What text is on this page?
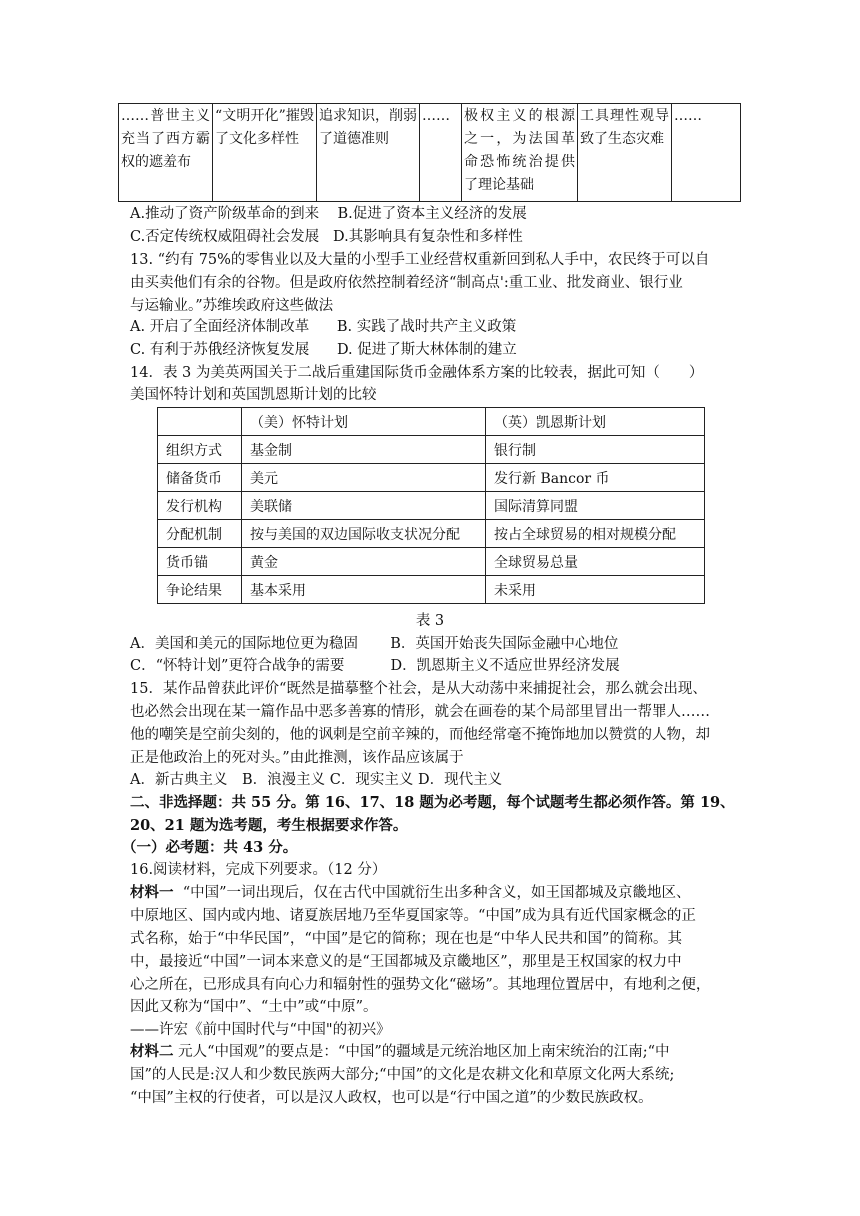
……普世主义充当了西方霸权的遮羞布	“文明开化”摧毁了文化多样性	追求知识，削弱了道德准则	……	极权主义的根源之一，为法国革命恐怖统治提供了理论基础	工具理性观导致了生态灾难	……
A.推动了资产阶级革命的到来 B.促进了资本主义经济的发展
C.否定传统权威阻碍社会发展 D.其影响具有复杂性和多样性
13. “约有 75%的零售业以及大量的小型手工业经营权重新回到私人手中，农民终于可以自
由买卖他们有余的谷物。但是政府依然控制着经济“制高点':重工业、批发商业、银行业
与运输业。”苏维埃政府这些做法
A. 开启了全面经济体制改革 B. 实践了战时共产主义政策
C. 有利于苏俄经济恢复发展 D. 促进了斯大林体制的建立
14．表 3 为美英两国关于二战后重建国际货币金融体系方案的比较表，据此可知（　　）
美国怀特计划和英国凯恩斯计划的比较
	（美）怀特计划	（英）凯恩斯计划
组织方式	基金制	银行制
储备货币	美元	发行新 Bancor 币
发行机构	美联储	国际清算同盟
分配机制	按与美国的双边国际收支状况分配	按占全球贸易的相对规模分配
货币锚	黄金	全球贸易总量
争论结果	基本采用	未采用
表 3
A．美国和美元的国际地位更为稳固 B．英国开始丧失国际金融中心地位
C．“怀特计划”更符合战争的需要	D．凯恩斯主义不适应世界经济发展
15．某作品曾获此评价“既然是描摹整个社会，是从大动荡中来捕捉社会，那么就会出现、
也必然会出现在某一篇作品中恶多善寡的情形，就会在画卷的某个局部里冒出一帮罪人……
他的嘲笑是空前尖刻的，他的讽刺是空前辛辣的，而他经常毫不掩饰地加以赞赏的人物，却
正是他政治上的死对头。”由此推测，该作品应该属于
A．新古典主义　B．浪漫主义 C．现实主义 D．现代主义
二、非选择题：共 55 分。第 16、17、18 题为必考题，每个试题考生都必须作答。第 19、
20、21 题为选考题，考生根据要求作答。
（一）必考题：共 43 分。
16.阅读材料，完成下列要求。（12 分）
材料一 “中国”一词出现后，仅在古代中国就衍生出多种含义，如王国都城及京畿地区、
中原地区、国内或内地、诸夏族居地乃至华夏国家等。“中国”成为具有近代国家概念的正
式名称，始于“中华民国”，“中国”是它的简称；现在也是“中华人民共和国”的简称。其
中，最接近“中国”一词本来意义的是“王国都城及京畿地区”，那里是王权国家的权力中
心之所在，已形成具有向心力和辐射性的强势文化“磁场”。其地理位置居中，有地利之便，
因此又称为“国中”、“土中”或“中原”。
——许宏《前中国时代与“中国"的初兴》
材料二 元人“中国观”的要点是：“中国”的疆域是元统治地区加上南宋统治的江南;“中
国”的人民是:汉人和少数民族两大部分;“中国”的文化是农耕文化和草原文化两大系统;
“中国”主权的行使者，可以是汉人政权，也可以是“行中国之道”的少数民族政权。
